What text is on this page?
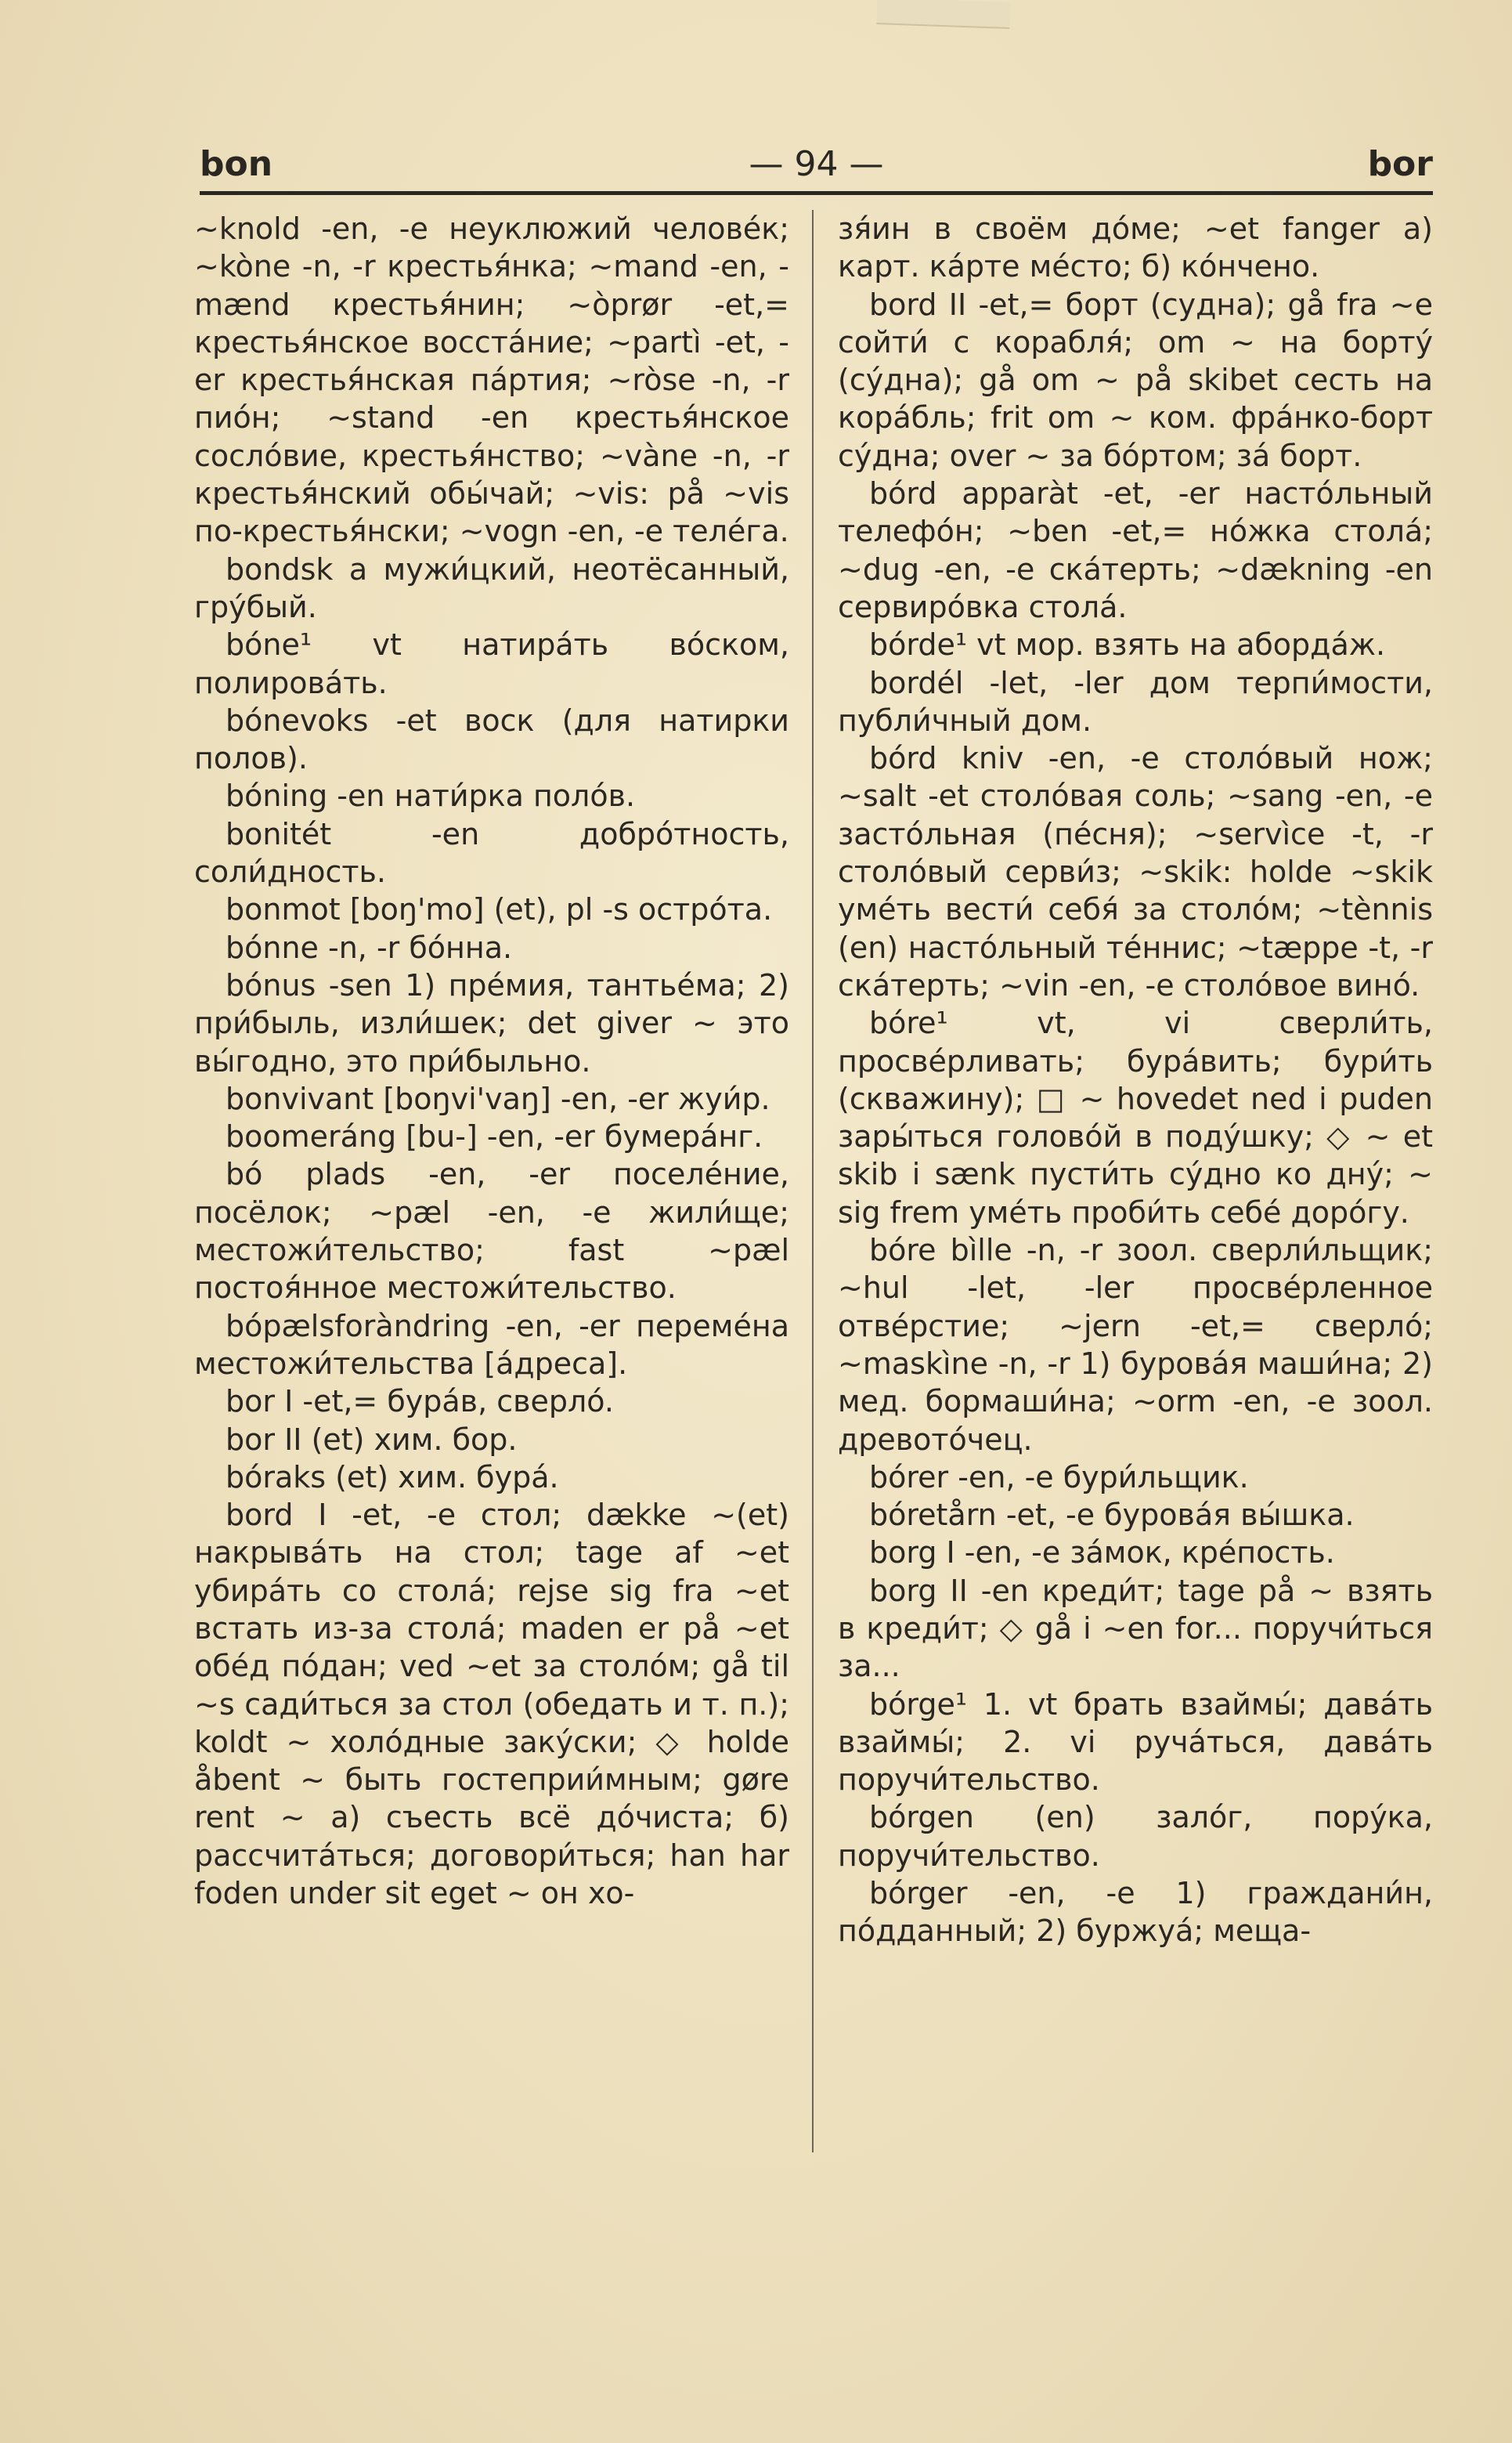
bon	— 94 —	bor

~knold -en, -e неуклюжий человéк; ~kòne -n, -r крестья́нка; ~mand -en, -mænd крестья́нин; ~òprør -et,= крестья́нское восстáние; ~partì -et, -er крестья́нская пáртия; ~ròse -n, -r пиóн; ~stand -en крестья́нское сослóвие, крестья́нство; ~vàne -n, -r крестья́нский обы́чай; ~vis: på ~vis по-крестья́нски; ~vogn -en, -e телéга.

bondsk a мужи́цкий, неотёсанный, грýбый.

bóne¹ vt натирáть вóском, полировáть.

bónevoks -et воск (для натирки полов).

bóning -en нати́рка полóв.

bonitét -en добрóтность, соли́дность.

bonmot [boŋ'mo] (et), pl -s острóта.

bónne -n, -r бóнна.

bónus -sen 1) прéмия, тантьéма; 2) при́быль, изли́шек; det giver ~ это вы́годно, это при́быльно.

bonvivant [boŋvi'vaŋ] -en, -er жуи́р.

boomeráng [bu-] -en, -er бумерáнг.

bó plads -en, -er поселéние, посёлок; ~pæl -en, -e жили́ще; местожи́тельство; fast ~pæl постоя́нное местожи́тельство.

bópælsforàndring -en, -er перемéна местожи́тельства [áдреса].

bor I -et,= бурáв, сверлó.

bor II (et) хим. бор.

bóraks (et) хим. бурá.

bord I -et, -e стол; dække ~(et) накрывáть на стол; tage af ~et убирáть со столá; rejse sig fra ~et встать из-за столá; maden er på ~et обéд пóдан; ved ~et за столóм; gå til ~s сади́ться за стол (обедать и т. п.); koldt ~ холóдные закýски; ◇ holde åbent ~ быть гостеприи́мным; gøre rent ~ а) съесть всё дóчиста; б) рассчитáться; договори́ться; han har foden under sit eget ~ он хо-

зя́ин в своём дóме; ~et fanger а) карт. кáрте мéсто; б) кóнчено.

bord II -et,= борт (судна); gå fra ~e сойти́ с корабля́; om ~ на бортý (сýдна); gå om ~ på skibet сесть на корáбль; frit om ~ ком. фрáнко-борт сýдна; over ~ за бóртом; зá борт.

bórd apparàt -et, -er настóльный телефóн; ~ben -et,= нóжка столá; ~dug -en, -e скáтерть; ~dækning -en сервирóвка столá.

bórde¹ vt мор. взять на абордáж.

bordél -let, -ler дом терпи́мости, публи́чный дом.

bórd kniv -en, -e столóвый нож; ~salt -et столóвая соль; ~sang -en, -e застóльная (пéсня); ~servìce -t, -r столóвый серви́з; ~skik: holde ~skik умéть вести́ себя́ за столóм; ~tènnis (en) настóльный тéннис; ~tæppe -t, -r скáтерть; ~vin -en, -e столóвое винó.

bóre¹ vt, vi сверли́ть, просвéрливать; бурáвить; бури́ть (скважину); □ ~ hovedet ned i puden зары́ться головóй в подýшку; ◇ ~ et skib i sænk пусти́ть сýдно ко днý; ~ sig frem умéть проби́ть себé дорóгу.

bóre bìlle -n, -r зоол. сверли́льщик; ~hul -let, -ler просвéрленное отвéрстие; ~jern -et,= сверлó; ~maskìne -n, -r 1) буровáя маши́на; 2) мед. бормаши́на; ~orm -en, -e зоол. древотóчец.

bórer -en, -e бури́льщик.

bóretårn -et, -e буровáя вы́шка.

borg I -en, -e зáмок, крéпость.

borg II -en креди́т; tage på ~ взять в креди́т; ◇ gå i ~en for... поручи́ться за...

bórge¹ 1. vt брать взаймы́; давáть взаймы́; 2. vi ручáться, давáть поручи́тельство.

bórgen (en) залóг, порýка, поручи́тельство.

bórger -en, -e 1) граждани́н, пóдданный; 2) буржуá; меща-
